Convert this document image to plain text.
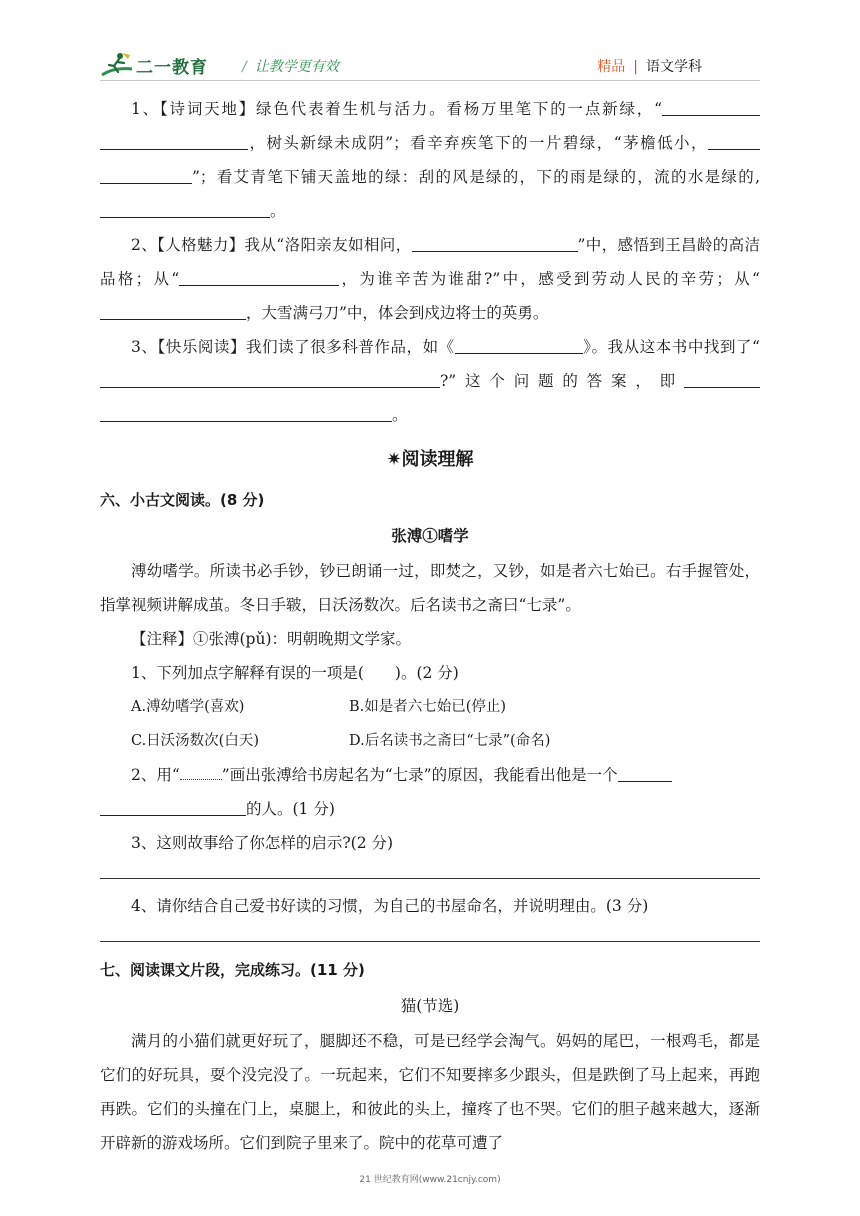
二一教育 / 让教学更有效	精品 | 语文学科

1、【诗词天地】绿色代表着生机与活力。看杨万里笔下的一点新绿，“，树头新绿未成阴”；看辛弃疾笔下的一片碧绿，“茅檐低小，”；看艾青笔下铺天盖地的绿：刮的风是绿的，下的雨是绿的，流的水是绿的,。

2、【人格魅力】我从“洛阳亲友如相问，	”中，感悟到王昌龄的高洁品格；从“	，为谁辛苦为谁甜?”中，感受到劳动人民的辛劳；从“，大雪满弓刀”中，体会到戍边将士的英勇。

3、【快乐阅读】我们读了很多科普作品，如《	》。我从这本书中找到了“?”这个问题的答案，即。

✷阅读理解
六、小古文阅读。(8 分)
张溥①嗜学

溥幼嗜学。所读书必手钞，钞已朗诵一过，即焚之，又钞，如是者六七始已。右手握管处，指掌视频讲解成茧。冬日手皲，日沃汤数次。后名读书之斋曰“七录”。

【注释】①张溥(pǔ)：明朝晚期文学家。

1、下列加点字解释有误的一项是(　　)。(2 分)

A.溥幼嗜学(喜欢)	B.如是者六七始已(停止)
C.日沃汤数次(白天)	D.后名读书之斋曰“七录”(命名)

2、用“	”画出张溥给书房起名为“七录”的原因，我能看出他是一个
的人。(1 分)

3、这则故事给了你怎样的启示?(2 分)

4、请你结合自己爱书好读的习惯，为自己的书屋命名，并说明理由。(3 分)

七、阅读课文片段，完成练习。(11 分)
猫(节选)

满月的小猫们就更好玩了，腿脚还不稳，可是已经学会淘气。妈妈的尾巴，一根鸡毛，都是它们的好玩具，耍个没完没了。一玩起来，它们不知要摔多少跟头，但是跌倒了马上起来，再跑再跌。它们的头撞在门上，桌腿上，和彼此的头上，撞疼了也不哭。它们的胆子越来越大，逐渐开辟新的游戏场所。它们到院子里来了。院中的花草可遭了

21 世纪教育网(www.21cnjy.com)
